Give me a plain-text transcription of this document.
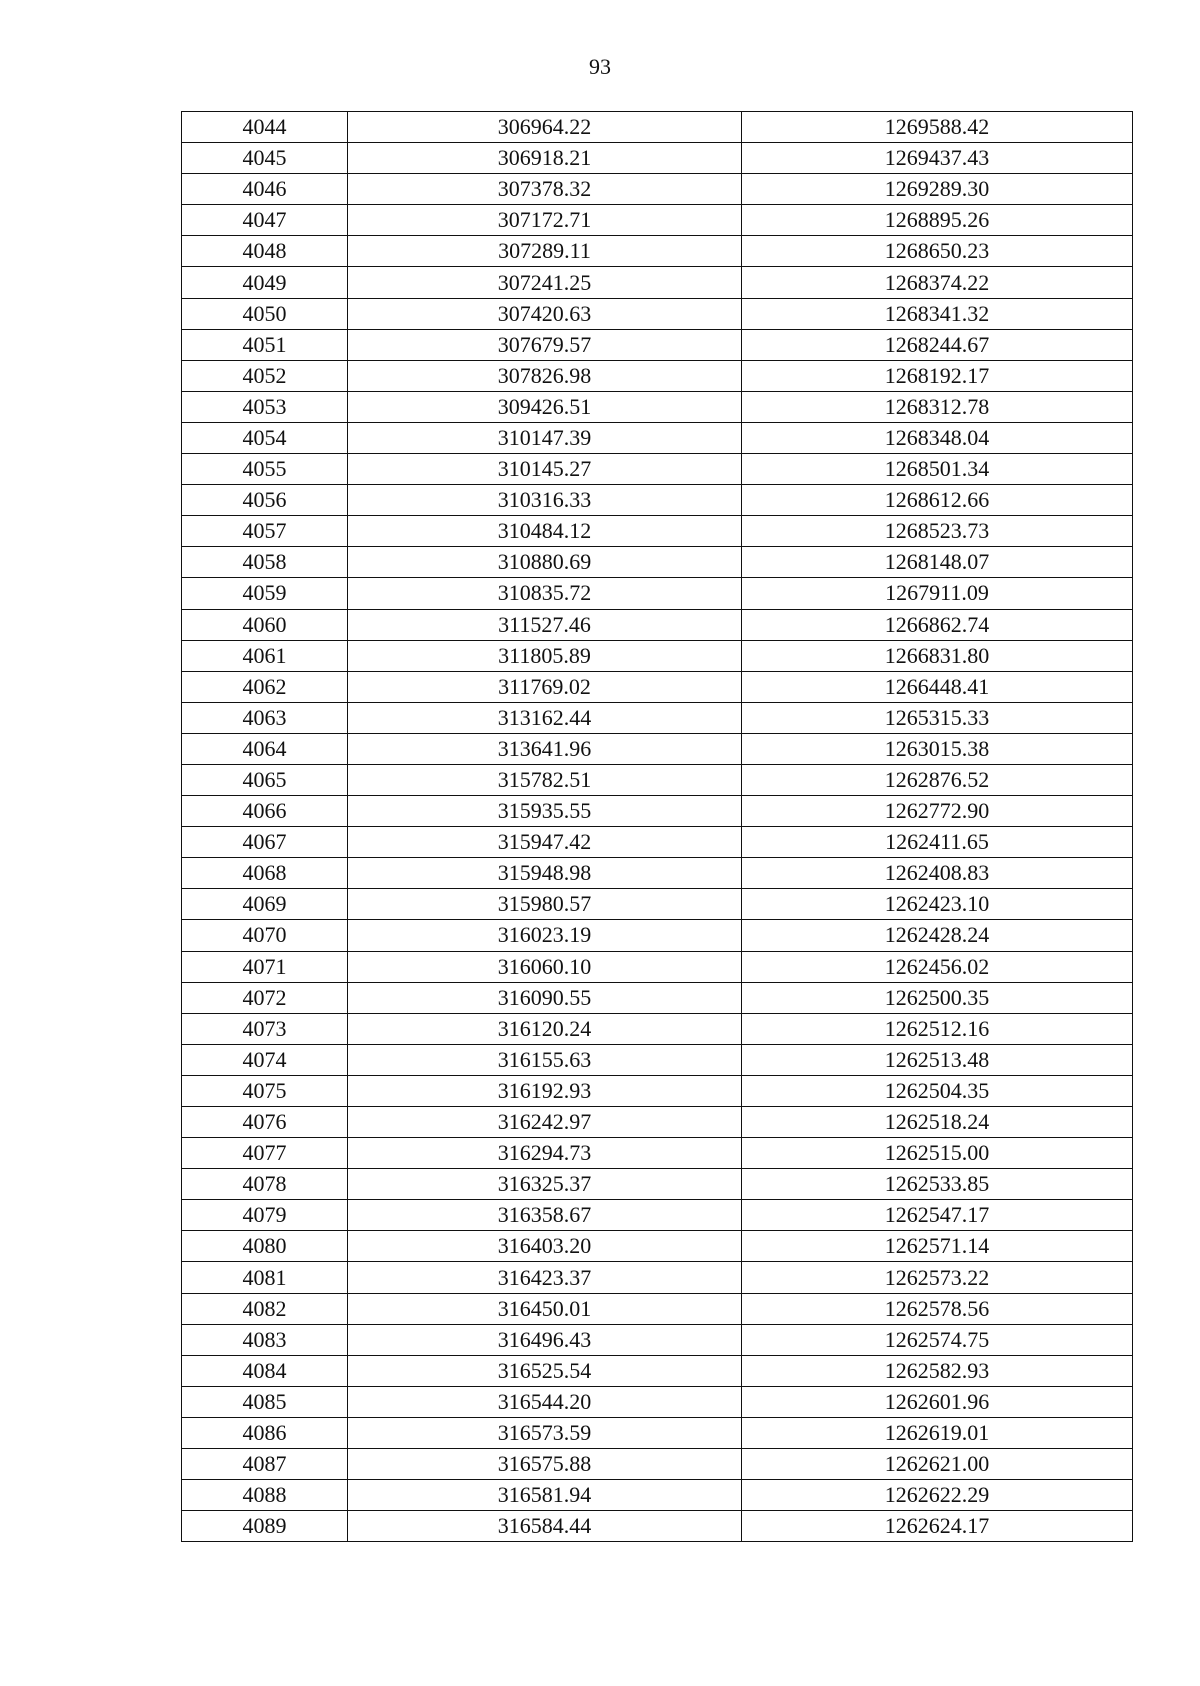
93
4044	306964.22	1269588.42
4045	306918.21	1269437.43
4046	307378.32	1269289.30
4047	307172.71	1268895.26
4048	307289.11	1268650.23
4049	307241.25	1268374.22
4050	307420.63	1268341.32
4051	307679.57	1268244.67
4052	307826.98	1268192.17
4053	309426.51	1268312.78
4054	310147.39	1268348.04
4055	310145.27	1268501.34
4056	310316.33	1268612.66
4057	310484.12	1268523.73
4058	310880.69	1268148.07
4059	310835.72	1267911.09
4060	311527.46	1266862.74
4061	311805.89	1266831.80
4062	311769.02	1266448.41
4063	313162.44	1265315.33
4064	313641.96	1263015.38
4065	315782.51	1262876.52
4066	315935.55	1262772.90
4067	315947.42	1262411.65
4068	315948.98	1262408.83
4069	315980.57	1262423.10
4070	316023.19	1262428.24
4071	316060.10	1262456.02
4072	316090.55	1262500.35
4073	316120.24	1262512.16
4074	316155.63	1262513.48
4075	316192.93	1262504.35
4076	316242.97	1262518.24
4077	316294.73	1262515.00
4078	316325.37	1262533.85
4079	316358.67	1262547.17
4080	316403.20	1262571.14
4081	316423.37	1262573.22
4082	316450.01	1262578.56
4083	316496.43	1262574.75
4084	316525.54	1262582.93
4085	316544.20	1262601.96
4086	316573.59	1262619.01
4087	316575.88	1262621.00
4088	316581.94	1262622.29
4089	316584.44	1262624.17
